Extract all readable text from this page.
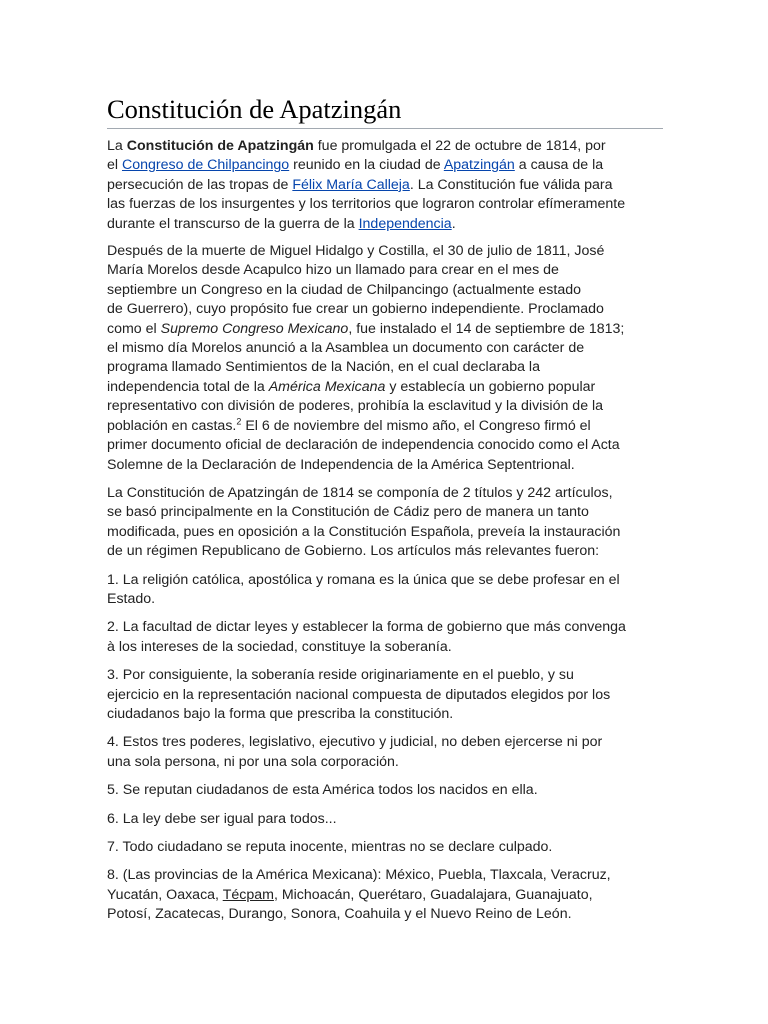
Constitución de Apatzingán

La Constitución de Apatzingán fue promulgada el 22 de octubre de 1814, por
el Congreso de Chilpancingo reunido en la ciudad de Apatzingán a causa de la
persecución de las tropas de Félix María Calleja. La Constitución fue válida para
las fuerzas de los insurgentes y los territorios que lograron controlar efímeramente
durante el transcurso de la guerra de la Independencia.

Después de la muerte de Miguel Hidalgo y Costilla, el 30 de julio de 1811, José
María Morelos desde Acapulco hizo un llamado para crear en el mes de
septiembre un Congreso en la ciudad de Chilpancingo (actualmente estado
de Guerrero), cuyo propósito fue crear un gobierno independiente. Proclamado
como el Supremo Congreso Mexicano, fue instalado el 14 de septiembre de 1813;
el mismo día Morelos anunció a la Asamblea un documento con carácter de
programa llamado Sentimientos de la Nación, en el cual declaraba la
independencia total de la América Mexicana y establecía un gobierno popular
representativo con división de poderes, prohibía la esclavitud y la división de la
población en castas.$^2$ El 6 de noviembre del mismo año, el Congreso firmó el
primer documento oficial de declaración de independencia conocido como el Acta
Solemne de la Declaración de Independencia de la América Septentrional.

La Constitución de Apatzingán de 1814 se componía de 2 títulos y 242 artículos,
se basó principalmente en la Constitución de Cádiz pero de manera un tanto
modificada, pues en oposición a la Constitución Española, preveía la instauración
de un régimen Republicano de Gobierno. Los artículos más relevantes fueron:

1. La religión católica, apostólica y romana es la única que se debe profesar en el
Estado.

2. La facultad de dictar leyes y establecer la forma de gobierno que más convenga
à los intereses de la sociedad, constituye la soberanía.

3. Por consiguiente, la soberanía reside originariamente en el pueblo, y su
ejercicio en la representación nacional compuesta de diputados elegidos por los
ciudadanos bajo la forma que prescriba la constitución.

4. Estos tres poderes, legislativo, ejecutivo y judicial, no deben ejercerse ni por
una sola persona, ni por una sola corporación.

5. Se reputan ciudadanos de esta América todos los nacidos en ella.

6. La ley debe ser igual para todos...

7. Todo ciudadano se reputa inocente, mientras no se declare culpado.

8. (Las provincias de la América Mexicana): México, Puebla, Tlaxcala, Veracruz,
Yucatán, Oaxaca, Técpam, Michoacán, Querétaro, Guadalajara, Guanajuato,
Potosí, Zacatecas, Durango, Sonora, Coahuila y el Nuevo Reino de León.
